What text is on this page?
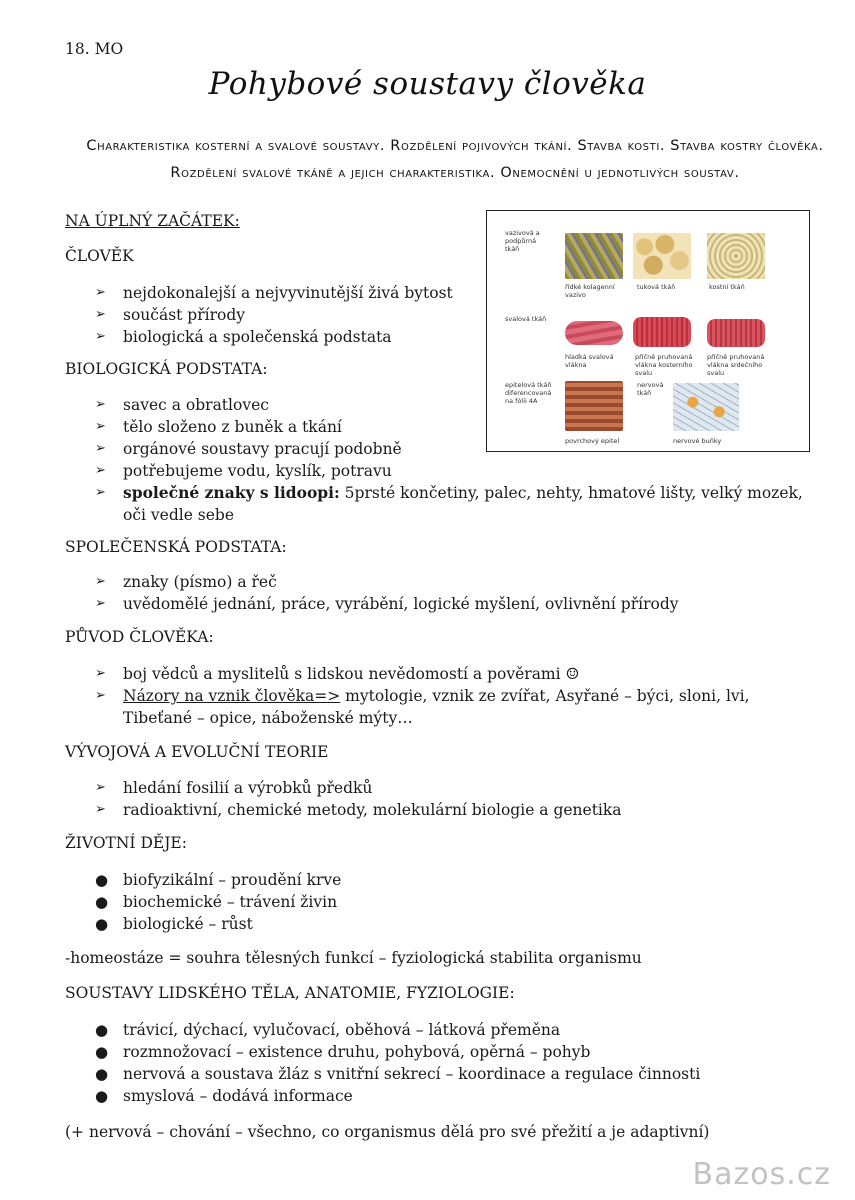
18. MO
Pohybové soustavy člověka
Charakteristika kosterní a svalové soustavy. Rozdělení pojivových tkání. Stavba kosti. Stavba kostry člověka. Rozdělení svalové tkáně a jejich charakteristika. Onemocnění u jednotlivých soustav.
NA ÚPLNÝ ZAČÁTEK:
ČLOVĚK
➢	nejdokonalejší a nejvyvinutější živá bytost
➢	součást přírody
➢	biologická a společenská podstata
BIOLOGICKÁ PODSTATA:
➢	savec a obratlovec
➢	tělo složeno z buněk a tkání
➢	orgánové soustavy pracují podobně
➢	potřebujeme vodu, kyslík, potravu
➢	společné znaky s lidoopi: 5prsté končetiny, palec, nehty, hmatové lišty, velký mozek, oči vedle sebe
SPOLEČENSKÁ PODSTATA:
➢	znaky (písmo) a řeč
➢	uvědomělé jednání, práce, vyrábění, logické myšlení, ovlivnění přírody
PŮVOD ČLOVĚKA:
➢	boj vědců a myslitelů s lidskou nevědomostí a pověrami ☺
➢	Názory na vznik člověka=> mytologie, vznik ze zvířat, Asyřané – býci, sloni, lvi, Tibeťané – opice, náboženské mýty…
VÝVOJOVÁ A EVOLUČNÍ TEORIE
➢	hledání fosilií a výrobků předků
➢	radioaktivní, chemické metody, molekulární biologie a genetika
ŽIVOTNÍ DĚJE:
● biofyzikální – proudění krve
● biochemické – trávení živin
● biologické – růst
-homeostáze = souhra tělesných funkcí – fyziologická stabilita organismu
SOUSTAVY LIDSKÉHO TĚLA, ANATOMIE, FYZIOLOGIE:
● trávicí, dýchací, vylučovací, oběhová – látková přeměna
● rozmnožovací – existence druhu, pohybová, opěrná – pohyb
● nervová a soustava žláz s vnitřní sekrecí – koordinace a regulace činnosti
● smyslová – dodává informace
(+ nervová – chování – všechno, co organismus dělá pro své přežití a je adaptivní)
vazivová a podpůrná tkáň
svalová tkáň
epitelová tkáň diferencovaná na fólii 4A
řídké kolagenní vazivo
tuková tkáň	kostní tkáň
hladká svalová vlákna
příčně pruhovaná vlákna kosterního svalu
příčně pruhovaná vlákna srdečního svalu
nervová tkáň
povrchový epitel	nervové buňky
Bazos.cz
